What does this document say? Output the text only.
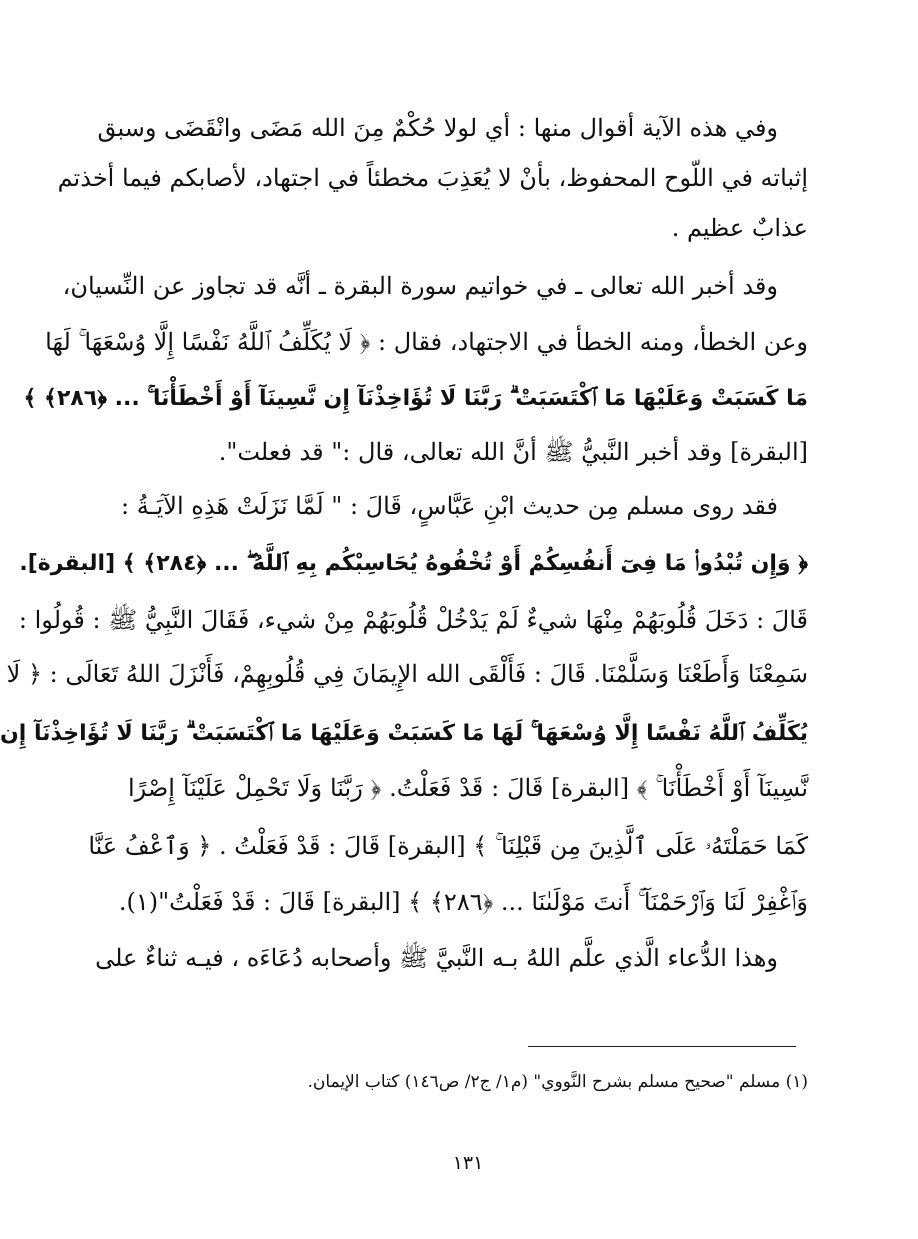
وفي هذه الآية أقوال منها : أي لولا حُكْمٌ مِنَ الله مَضَى وانْقَضَى وسبق
إثباته في اللّوح المحفوظ، بأنْ لا يُعَذِبَ مخطئاً في اجتهاد، لأصابكم فيما أخذتم
عذابٌ عظيم .
وقد أخبر الله تعالى ـ في خواتيم سورة البقرة ـ أنَّه قد تجاوز عن النِّسيان،
وعن الخطأ، ومنه الخطأ في الاجتهاد، فقال : ﴿ لَا يُكَلِّفُ ٱللَّهُ نَفْسًا إِلَّا وُسْعَهَا ۚ لَهَا
مَا كَسَبَتْ وَعَلَيْهَا مَا ٱكْتَسَبَتْ ۗ رَبَّنَا لَا تُؤَاخِذْنَآ إِن نَّسِينَآ أَوْ أَخْطَأْنَا ۚ ... ﴿٢٨٦﴾ ﴾
[البقرة] وقد أخبر النَّبيُّ ﷺ أنَّ الله تعالى، قال :" قد فعلت".
فقد روى مسلم مِن حديث ابْنِ عَبَّاسٍ، قَالَ : " لَمَّا نَزَلَتْ هَذِهِ الآيَـةُ :
﴿ وَإِن تُبْدُوا۟ مَا فِىٓ أَنفُسِكُمْ أَوْ تُخْفُوهُ يُحَاسِبْكُم بِهِ ٱللَّهُ ۖ ... ﴿٢٨٤﴾ ﴾ [البقرة].
قَالَ : دَخَلَ قُلُوبَهُمْ مِنْهَا شيءٌ لَمْ يَدْخُلْ قُلُوبَهُمْ مِنْ شيء، فَقَالَ النَّبِيُّ ﷺ : قُولُوا :
سَمِعْنَا وَأَطَعْنَا وَسَلَّمْنَا. قَالَ : فَأَلْقَى الله الإِيمَانَ فِي قُلُوبِهِمْ، فَأَنْزَلَ اللهُ تَعَالَى : ﴿ لَا
يُكَلِّفُ ٱللَّهُ نَفْسًا إِلَّا وُسْعَهَا ۚ لَهَا مَا كَسَبَتْ وَعَلَيْهَا مَا ٱكْتَسَبَتْ ۗ رَبَّنَا لَا تُؤَاخِذْنَآ إِن
نَّسِينَآ أَوْ أَخْطَأْنَا ۚ ﴾ [البقرة] قَالَ : قَدْ فَعَلْتُ. ﴿ رَبَّنَا وَلَا تَحْمِلْ عَلَيْنَآ إِصْرًا
كَمَا حَمَلْتَهُۥ عَلَى ٱلَّذِينَ مِن قَبْلِنَا ۚ ﴾ [البقرة] قَالَ : قَدْ فَعَلْتُ . ﴿ وَٱعْفُ عَنَّا
وَٱغْفِرْ لَنَا وَٱرْحَمْنَآ ۚ أَنتَ مَوْلَىٰنَا ... ﴿٢٨٦﴾ ﴾ [البقرة] قَالَ : قَدْ فَعَلْتُ"(١).
وهذا الدُّعاء الَّذي علَّم اللهُ بـه النَّبيَّ ﷺ وأصحابه دُعَاءَه ، فيـه ثناءٌ على
(١) مسلم "صحيح مسلم بشرح النَّووي" (م١/ ج٢/ ص١٤٦) كتاب الإيمان.
١٣١
